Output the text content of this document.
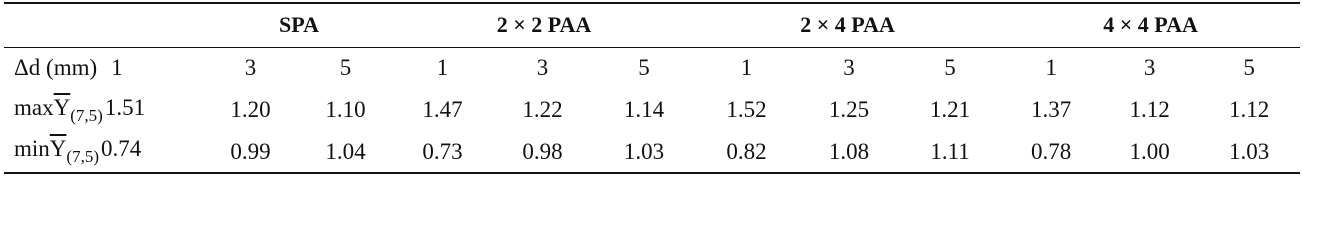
	SPA		2 × 2 PAA			2 × 4 PAA			4 × 4 PAA		
Δd (mm) 1	3	5	1	3	5	1	3	5	1	3	5
$\max\overline{Y}_{(7,5)}1.51$	1.20	1.10	1.47	1.22	1.14	1.52	1.25	1.21	1.37	1.12	1.12
$\min\overline{Y}_{(7,5)}0.74$	0.99	1.04	0.73	0.98	1.03	0.82	1.08	1.11	0.78	1.00	1.03
